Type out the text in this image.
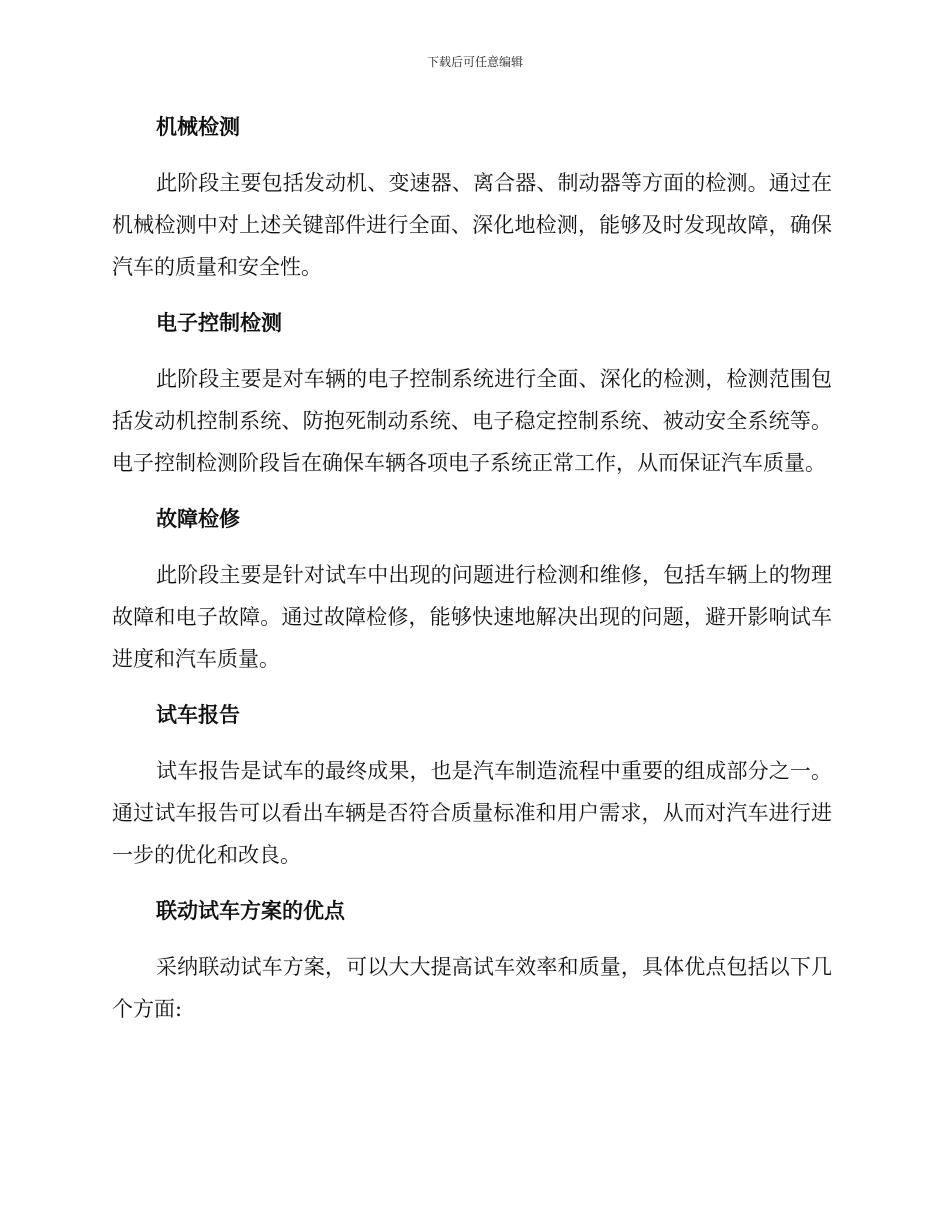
下载后可任意编辑
机械检测

此阶段主要包括发动机、变速器、离合器、制动器等方面的检测。通过在机械检测中对上述关键部件进行全面、深化地检测，能够及时发现故障，确保汽车的质量和安全性。

电子控制检测

此阶段主要是对车辆的电子控制系统进行全面、深化的检测，检测范围包括发动机控制系统、防抱死制动系统、电子稳定控制系统、被动安全系统等。电子控制检测阶段旨在确保车辆各项电子系统正常工作，从而保证汽车质量。

故障检修

此阶段主要是针对试车中出现的问题进行检测和维修，包括车辆上的物理故障和电子故障。通过故障检修，能够快速地解决出现的问题，避开影响试车进度和汽车质量。

试车报告

试车报告是试车的最终成果，也是汽车制造流程中重要的组成部分之一。通过试车报告可以看出车辆是否符合质量标准和用户需求，从而对汽车进行进一步的优化和改良。

联动试车方案的优点

采纳联动试车方案，可以大大提高试车效率和质量，具体优点包括以下几个方面:
